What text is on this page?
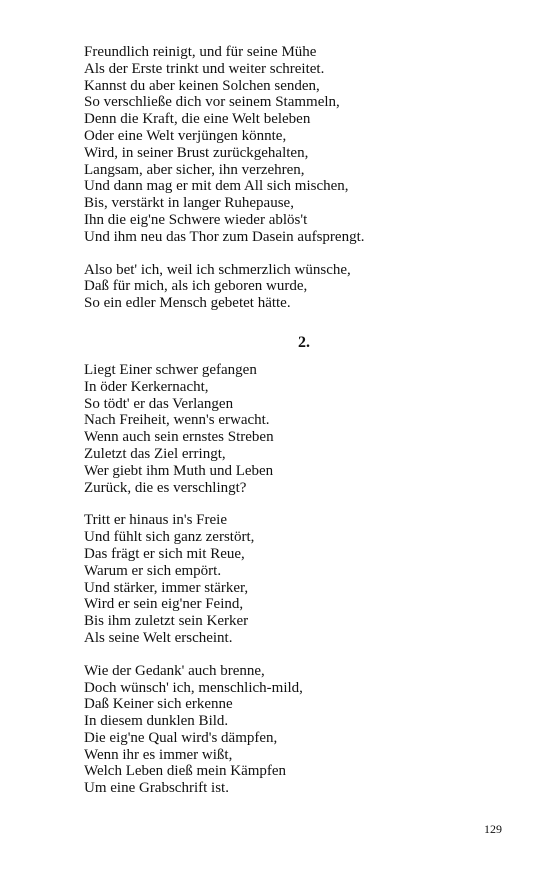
Freundlich reinigt, und für seine Mühe
Als der Erste trinkt und weiter schreitet.
Kannst du aber keinen Solchen senden,
So verschließe dich vor seinem Stammeln,
Denn die Kraft, die eine Welt beleben
Oder eine Welt verjüngen könnte,
Wird, in seiner Brust zurückgehalten,
Langsam, aber sicher, ihn verzehren,
Und dann mag er mit dem All sich mischen,
Bis, verstärkt in langer Ruhepause,
Ihn die eig'ne Schwere wieder ablös't
Und ihm neu das Thor zum Dasein aufsprengt.
Also bet' ich, weil ich schmerzlich wünsche,
Daß für mich, als ich geboren wurde,
So ein edler Mensch gebetet hätte.
2.
Liegt Einer schwer gefangen
In öder Kerkernacht,
So tödt' er das Verlangen
Nach Freiheit, wenn's erwacht.
Wenn auch sein ernstes Streben
Zuletzt das Ziel erringt,
Wer giebt ihm Muth und Leben
Zurück, die es verschlingt?
Tritt er hinaus in's Freie
Und fühlt sich ganz zerstört,
Das frägt er sich mit Reue,
Warum er sich empört.
Und stärker, immer stärker,
Wird er sein eig'ner Feind,
Bis ihm zuletzt sein Kerker
Als seine Welt erscheint.
Wie der Gedank' auch brenne,
Doch wünsch' ich, menschlich-mild,
Daß Keiner sich erkenne
In diesem dunklen Bild.
Die eig'ne Qual wird's dämpfen,
Wenn ihr es immer wißt,
Welch Leben dieß mein Kämpfen
Um eine Grabschrift ist.
129
